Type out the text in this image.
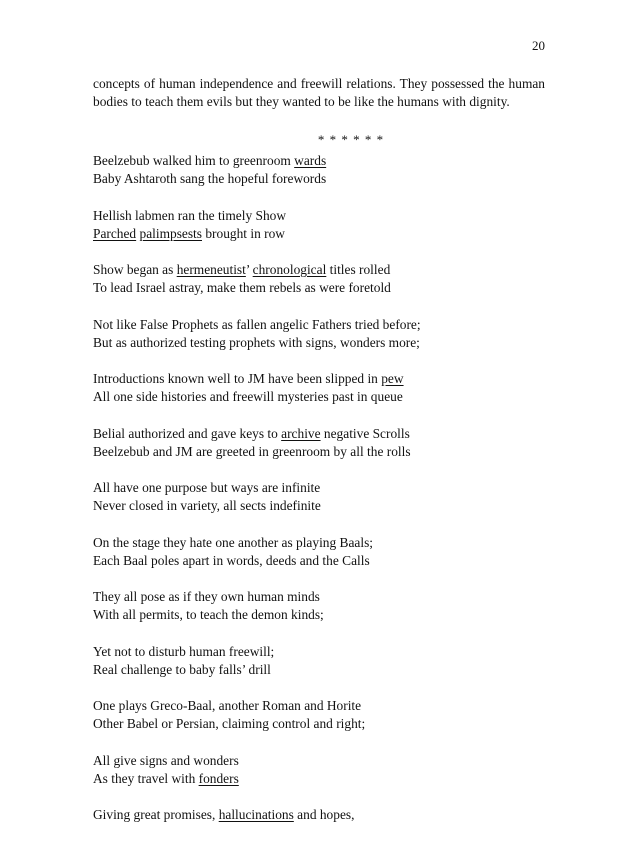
20
concepts of human independence and freewill relations. They possessed the human bodies to teach them evils but they wanted to be like the humans with dignity.
* * * * * *
Beelzebub walked him to greenroom wards
Baby Ashtaroth sang the hopeful forewords
Hellish labmen ran the timely Show
Parched palimpsests brought in row
Show began as hermeneutist’ chronological titles rolled
To lead Israel astray, make them rebels as were foretold
Not like False Prophets as fallen angelic Fathers tried before;
But as authorized testing prophets with signs, wonders more;
Introductions known well to JM have been slipped in pew
All one side histories and freewill mysteries past in queue
Belial authorized and gave keys to archive negative Scrolls
Beelzebub and JM are greeted in greenroom by all the rolls
All have one purpose but ways are infinite
Never closed in variety, all sects indefinite
On the stage they hate one another as playing Baals;
Each Baal poles apart in words, deeds and the Calls
They all pose as if they own human minds
With all permits, to teach the demon kinds;
Yet not to disturb human freewill;
Real challenge to baby falls’ drill
One plays Greco-Baal, another Roman and Horite
Other Babel or Persian, claiming control and right;
All give signs and wonders
As they travel with fonders
Giving great promises, hallucinations and hopes,
